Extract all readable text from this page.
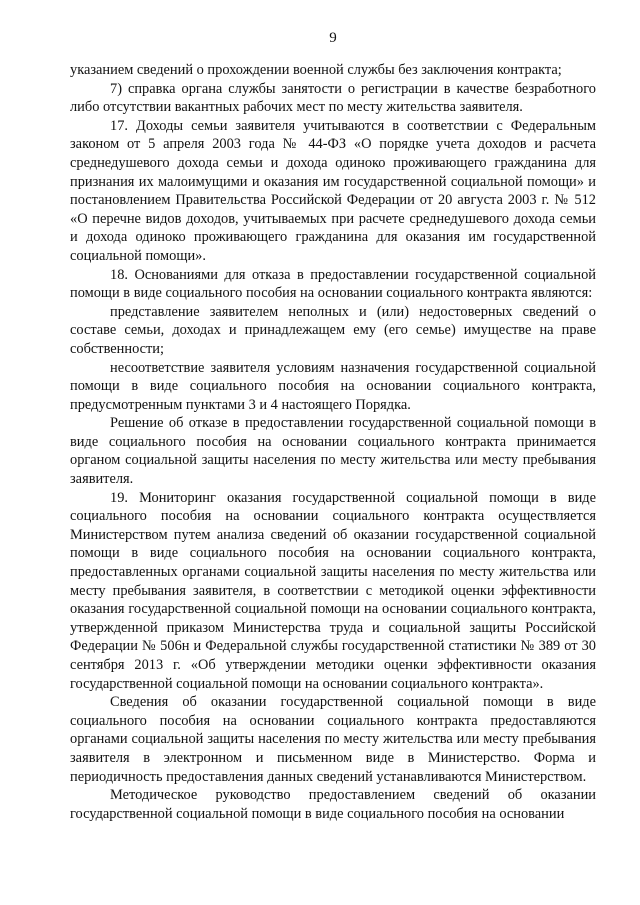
9

указанием сведений о прохождении военной службы без заключения контракта;

7) справка органа службы занятости о регистрации в качестве безработного либо отсутствии вакантных рабочих мест по месту жительства заявителя.

17. Доходы семьи заявителя учитываются в соответствии с Федеральным законом от 5 апреля 2003 года № 44-ФЗ «О порядке учета доходов и расчета среднедушевого дохода семьи и дохода одиноко проживающего гражданина для признания их малоимущими и оказания им государственной социальной помощи» и постановлением Правительства Российской Федерации от 20 августа 2003 г. № 512 «О перечне видов доходов, учитываемых при расчете среднедушевого дохода семьи и дохода одиноко проживающего гражданина для оказания им государственной социальной помощи».

18. Основаниями для отказа в предоставлении государственной социальной помощи в виде социального пособия на основании социального контракта являются:

представление заявителем неполных и (или) недостоверных сведений о составе семьи, доходах и принадлежащем ему (его семье) имуществе на праве собственности;

несоответствие заявителя условиям назначения государственной социальной помощи в виде социального пособия на основании социального контракта, предусмотренным пунктами 3 и 4 настоящего Порядка.

Решение об отказе в предоставлении государственной социальной помощи в виде социального пособия на основании социального контракта принимается органом социальной защиты населения по месту жительства или месту пребывания заявителя.

19. Мониторинг оказания государственной социальной помощи в виде социального пособия на основании социального контракта осуществляется Министерством путем анализа сведений об оказании государственной социальной помощи в виде социального пособия на основании социального контракта, предоставленных органами социальной защиты населения по месту жительства или месту пребывания заявителя, в соответствии с методикой оценки эффективности оказания государственной социальной помощи на основании социального контракта, утвержденной приказом Министерства труда и социальной защиты Российской Федерации № 506н и Федеральной службы государственной статистики № 389 от 30 сентября 2013 г. «Об утверждении методики оценки эффективности оказания государственной социальной помощи на основании социального контракта».

Сведения об оказании государственной социальной помощи в виде социального пособия на основании социального контракта предоставляются органами социальной защиты населения по месту жительства или месту пребывания заявителя в электронном и письменном виде в Министерство. Форма и периодичность предоставления данных сведений устанавливаются Министерством.

Методическое руководство предоставлением сведений об оказании государственной социальной помощи в виде социального пособия на основании
